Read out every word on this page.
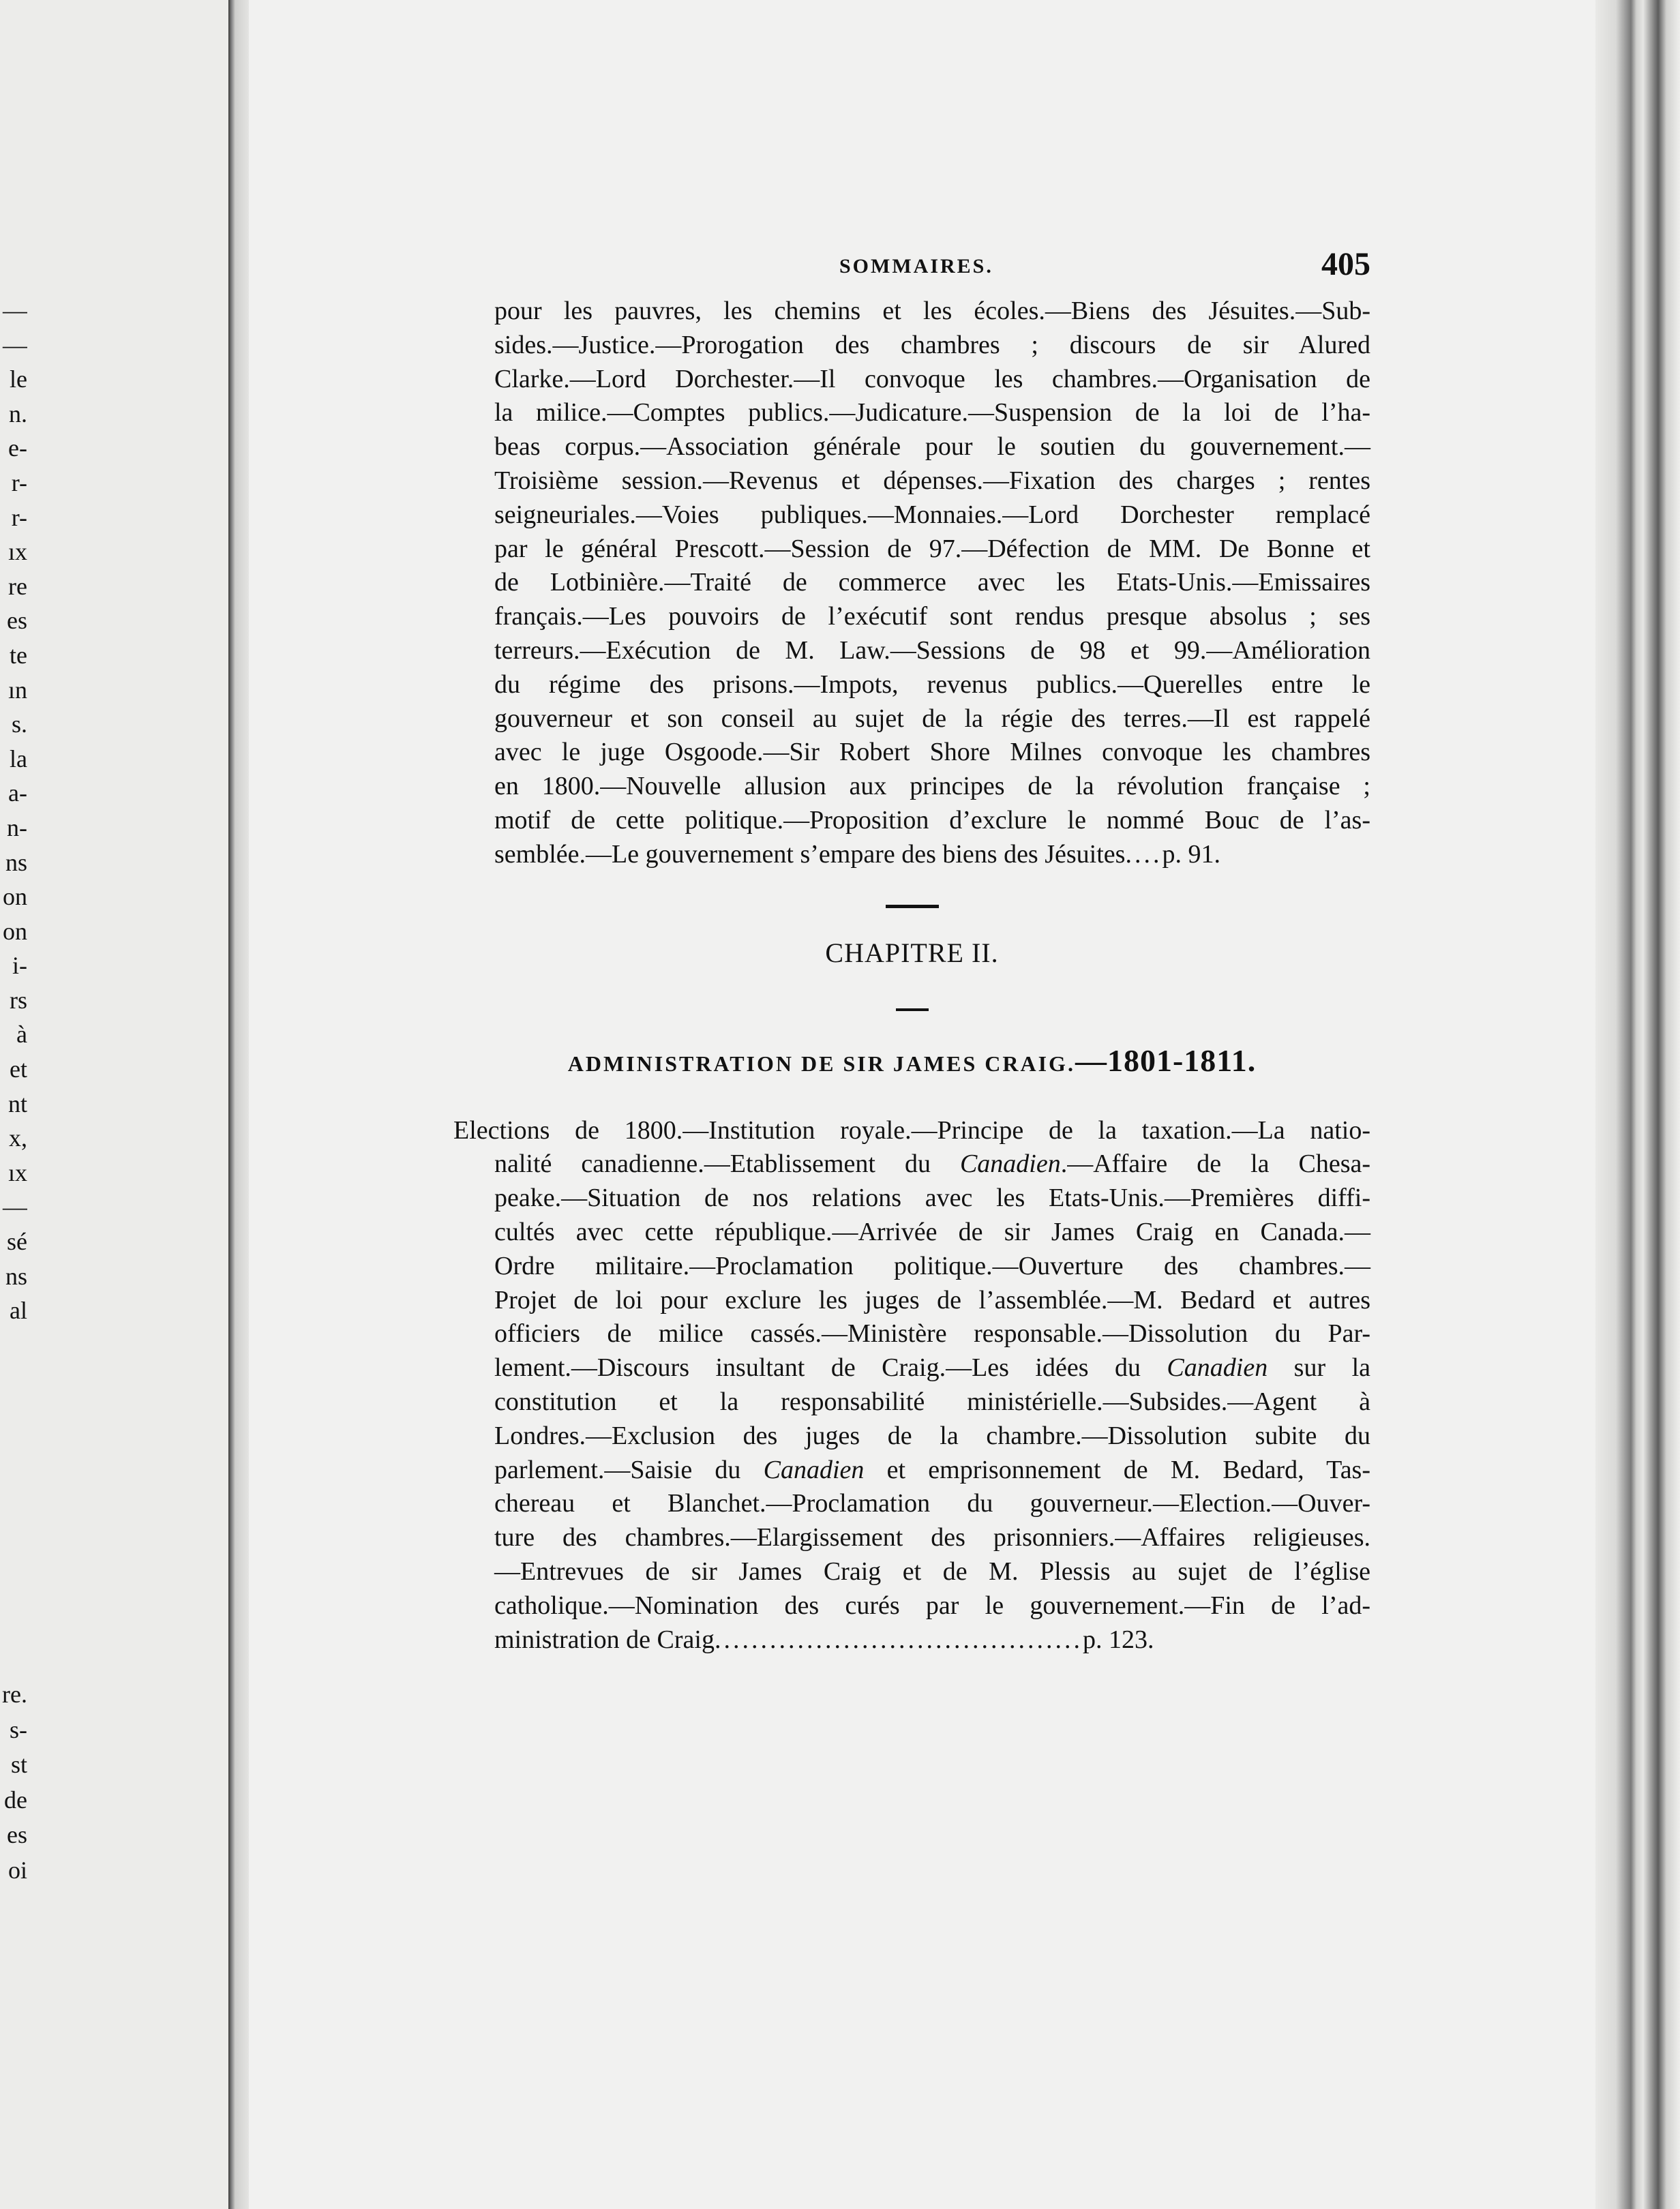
—
—
le
n.
e-
r-
r-
ıx
re
es
te
ın
s.
la
a-
n-
ns
on
on
i-
rs
à
et
nt
x,
ıx
—
sé
ns
al
re.
s-
st
de
es
oi
SOMMAIRES.	405
pour les pauvres, les chemins et les écoles.—Biens des Jésuites.—Sub-
sides.—Justice.—Prorogation des chambres ; discours de sir Alured
Clarke.—Lord Dorchester.—Il convoque les chambres.—Organisation de
la milice.—Comptes publics.—Judicature.—Suspension de la loi de l’ha-
beas corpus.—Association générale pour le soutien du gouvernement.—
Troisième session.—Revenus et dépenses.—Fixation des charges ; rentes
seigneuriales.—Voies publiques.—Monnaies.—Lord Dorchester remplacé
par le général Prescott.—Session de 97.—Défection de MM. De Bonne et
de Lotbinière.—Traité de commerce avec les Etats-Unis.—Emissaires
français.—Les pouvoirs de l’exécutif sont rendus presque absolus ; ses
terreurs.—Exécution de M. Law.—Sessions de 98 et 99.—Amélioration
du régime des prisons.—Impots, revenus publics.—Querelles entre le
gouverneur et son conseil au sujet de la régie des terres.—Il est rappelé
avec le juge Osgoode.—Sir Robert Shore Milnes convoque les chambres
en 1800.—Nouvelle allusion aux principes de la révolution française ;
motif de cette politique.—Proposition d’exclure le nommé Bouc de l’as-
semblée.—Le gouvernement s’empare des biens des Jésuites....p. 91.
CHAPITRE II.
ADMINISTRATION DE SIR JAMES CRAIG.—1801-1811.
Elections de 1800.—Institution royale.—Principe de la taxation.—La natio-
nalité canadienne.—Etablissement du Canadien.—Affaire de la Chesa-
peake.—Situation de nos relations avec les Etats-Unis.—Premières diffi-
cultés avec cette république.—Arrivée de sir James Craig en Canada.—
Ordre militaire.—Proclamation politique.—Ouverture des chambres.—
Projet de loi pour exclure les juges de l’assemblée.—M. Bedard et autres
officiers de milice cassés.—Ministère responsable.—Dissolution du Par-
lement.—Discours insultant de Craig.—Les idées du Canadien sur la
constitution et la responsabilité ministérielle.—Subsides.—Agent à
Londres.—Exclusion des juges de la chambre.—Dissolution subite du
parlement.—Saisie du Canadien et emprisonnement de M. Bedard, Tas-
chereau et Blanchet.—Proclamation du gouverneur.—Election.—Ouver-
ture des chambres.—Elargissement des prisonniers.—Affaires religieuses.
—Entrevues de sir James Craig et de M. Plessis au sujet de l’église
catholique.—Nomination des curés par le gouvernement.—Fin de l’ad-
ministration de Craig........................................p. 123.
